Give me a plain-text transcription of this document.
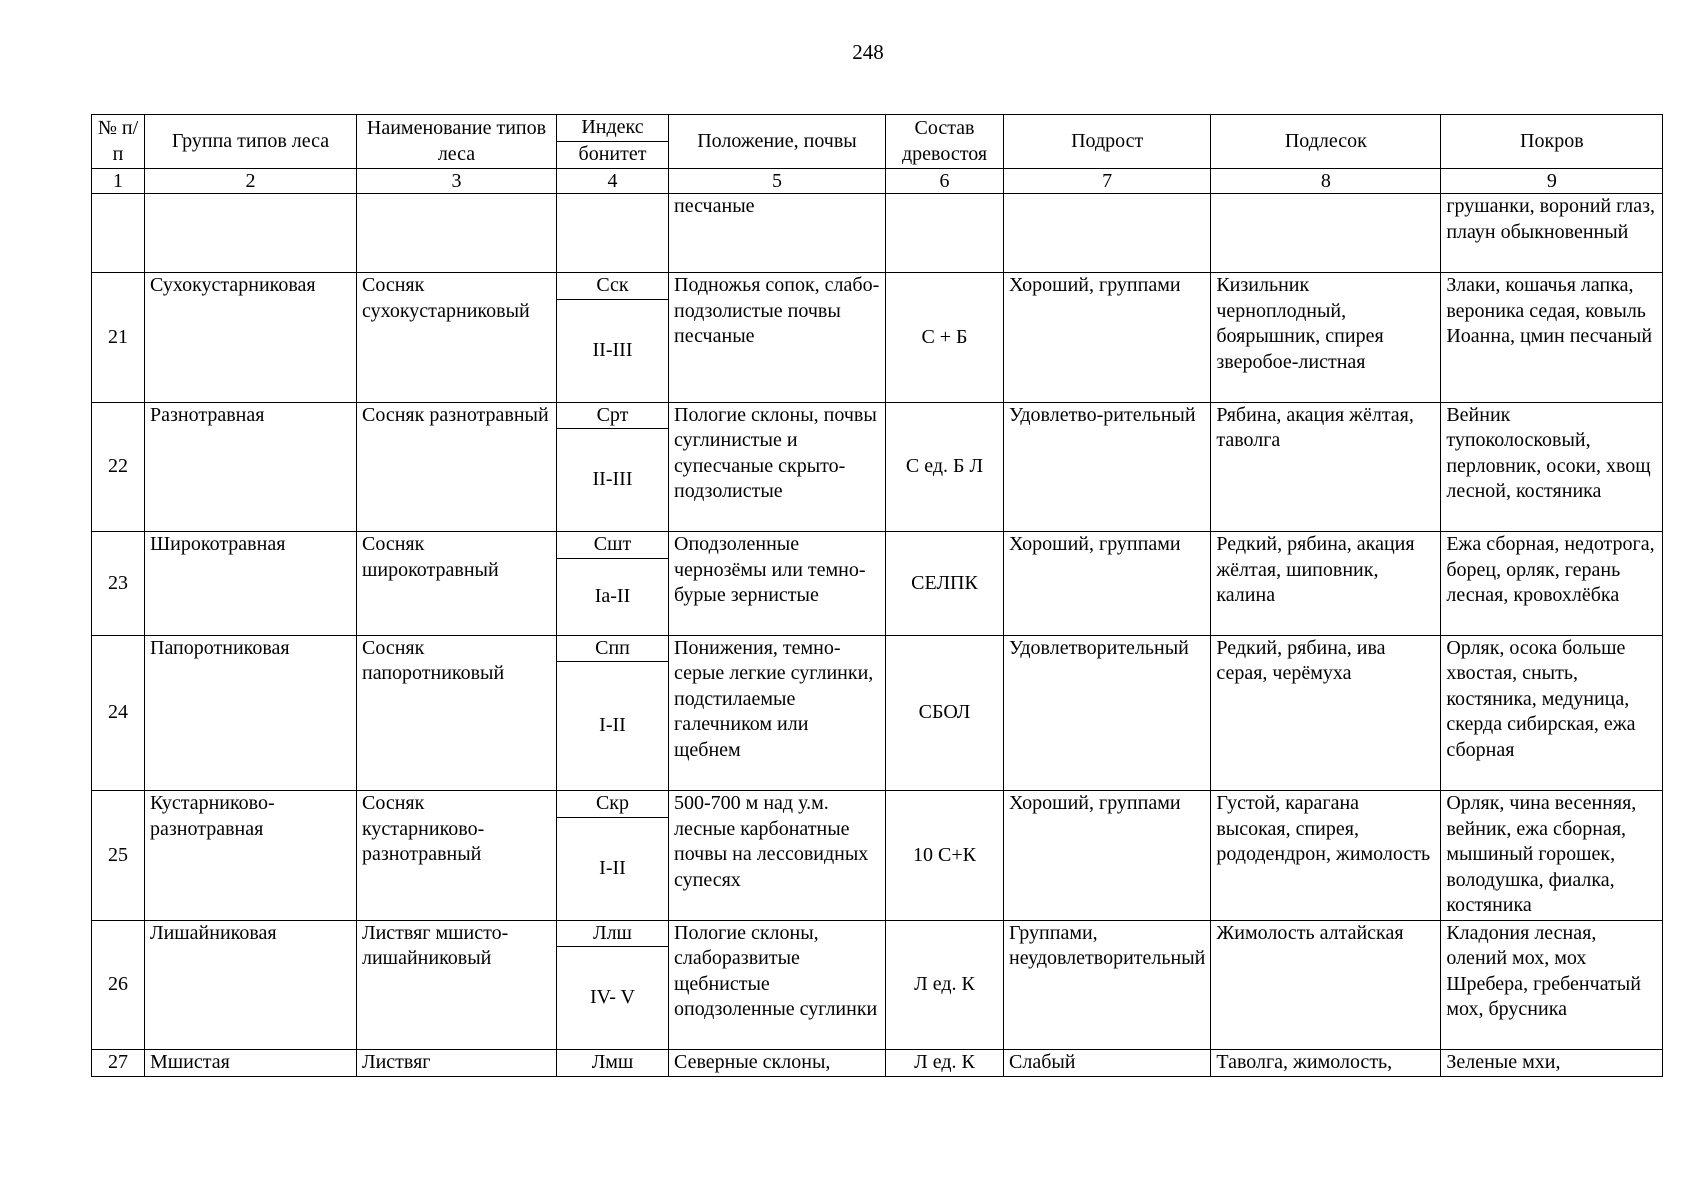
248
№ п/п	Группа типов леса	Наименование типов леса	Индекс	Положение, почвы	Состав древостоя	Подрост	Подлесок	Покров
			бонитет					
1	2	3	4	5	6	7	8	9
				песчаные				грушанки, вороний глаз, плаун обыкновенный
21	Сухокустарниковая	Сосняк сухокустарниковый	Сск	Подножья сопок, слабо-подзолистые почвы песчаные	С + Б	Хороший, группами	Кизильник черноплодный, боярышник, спирея зверобое-листная	Злаки, кошачья лапка, вероника седая, ковыль Иоанна, цмин песчаный
			II-III					
22	Разнотравная	Сосняк разнотравный	Срт	Пологие склоны, почвы суглинистые и супесчаные скрыто-подзолистые	С ед. Б Л	Удовлетво-рительный	Рябина, акация жёлтая, таволга	Вейник тупоколосковый, перловник, осоки, хвощ лесной, костяника
			II-III					
23	Широкотравная	Сосняк широкотравный	Сшт	Оподзоленные чернозёмы или темно-бурые зернистые	СЕЛПК	Хороший, группами	Редкий, рябина, акация жёлтая, шиповник, калина	Ежа сборная, недотрога, борец, орляк, герань лесная, кровохлёбка
			Ia-II					
24	Папоротниковая	Сосняк папоротниковый	Спп	Понижения, темно-серые легкие суглинки, подстилаемые галечником или щебнем	СБОЛ	Удовлетворительный	Редкий, рябина, ива серая, черёмуха	Орляк, осока больше хвостая, сныть, костяника, медуница, скерда сибирская, ежа сборная
			I-II					
25	Кустарниково-разнотравная	Сосняк кустарниково-разнотравный	Скр	500-700 м над у.м. лесные карбонатные почвы на лессовидных супесях	10 С+К	Хороший, группами	Густой, карагана высокая, спирея, рододендрон, жимолость	Орляк, чина весенняя, вейник, ежа сборная, мышиный горошек, володушка, фиалка, костяника
			I-II					
26	Лишайниковая	Листвяг мшисто-лишайниковый	Ллш	Пологие склоны, слаборазвитые щебнистые оподзоленные суглинки	Л ед. К	Группами, неудовлетворительный	Жимолость алтайская	Кладония лесная, олений мох, мох Шребера, гребенчатый мох, брусника
			IV- V					
27	Мшистая	Листвяг	Лмш	Северные склоны,	Л ед. К	Слабый	Таволга, жимолость,	Зеленые мхи,
